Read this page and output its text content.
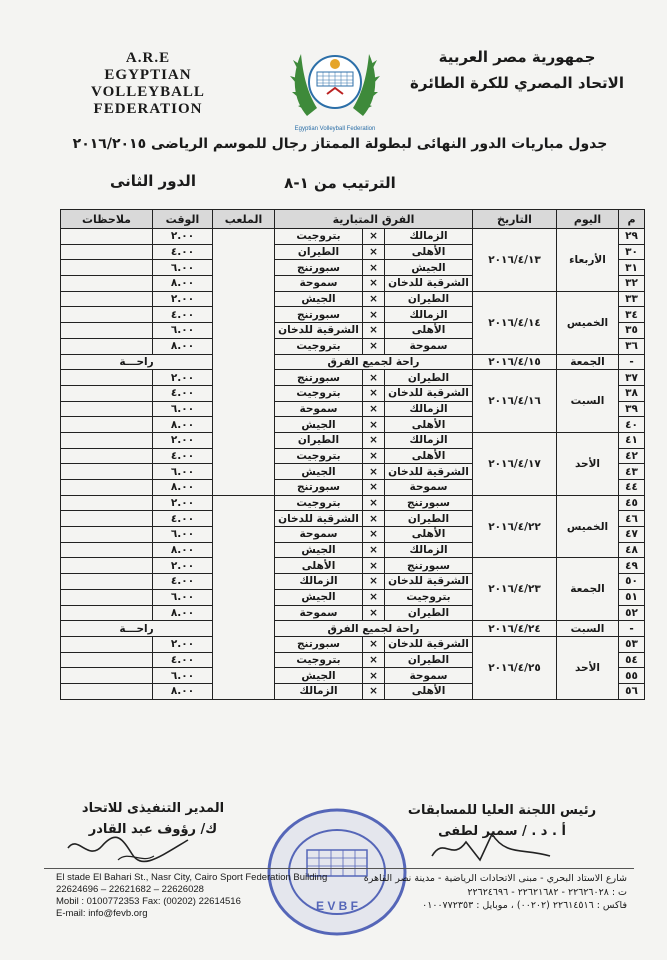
A.R.E
EGYPTIAN VOLLEYBALL
FEDERATION
Egyptian Volleyball Federation
جمهورية مصر العربية
الاتحاد المصري للكرة الطائرة
جدول مباريات الدور النهائى لبطولة الممتاز رجال للموسم الرياضى ٢٠١٦/٢٠١٥
الترتيب من ١-٨
الدور الثانى
م	اليوم	التاريخ	الفرق المتبارية			الملعب	الوقت	ملاحظات
٢٩	الأربعاء	٢٠١٦/٤/١٣	الزمالك	×	بتروجيت		٢.٠٠	
٣٠			الأهلى	×	الطيران		٤.٠٠	
٣١			الجيش	×	سبورتنج		٦.٠٠	
٣٢			الشرقية للدخان	×	سموحة		٨.٠٠	
٣٣	الخميس	٢٠١٦/٤/١٤	الطيران	×	الجيش		٢.٠٠	
٣٤			الزمالك	×	سبورتنج		٤.٠٠	
٣٥			الأهلى	×	الشرقية للدخان		٦.٠٠	
٣٦			سموحة	×	بتروجيت		٨.٠٠	
-	الجمعة	٢٠١٦/٤/١٥	راحة لجميع الفرق				راحـــة	
٣٧	السبت	٢٠١٦/٤/١٦	الطيران	×	سبورتنج		٢.٠٠	
٣٨			الشرقية للدخان	×	بتروجيت		٤.٠٠	
٣٩			الزمالك	×	سموحة		٦.٠٠	
٤٠			الأهلى	×	الجيش		٨.٠٠	
٤١	الأحد	٢٠١٦/٤/١٧	الزمالك	×	الطيران		٢.٠٠	
٤٢			الأهلى	×	بتروجيت		٤.٠٠	
٤٣			الشرقية للدخان	×	الجيش		٦.٠٠	
٤٤			سموحة	×	سبورتنج		٨.٠٠	
٤٥	الخميس	٢٠١٦/٤/٢٢	سبورتنج	×	بتروجيت		٢.٠٠	
٤٦			الطيران	×	الشرقية للدخان		٤.٠٠	
٤٧			الأهلى	×	سموحة		٦.٠٠	
٤٨			الزمالك	×	الجيش		٨.٠٠	
٤٩	الجمعة	٢٠١٦/٤/٢٣	سبورتنج	×	الأهلى		٢.٠٠	
٥٠			الشرقية للدخان	×	الزمالك		٤.٠٠	
٥١			بتروجيت	×	الجيش		٦.٠٠	
٥٢			الطيران	×	سموحة		٨.٠٠	
-	السبت	٢٠١٦/٤/٢٤	راحة لجميع الفرق				راحـــة	
٥٣	الأحد	٢٠١٦/٤/٢٥	الشرقية للدخان	×	سبورتنج		٢.٠٠	
٥٤			الطيران	×	بتروجيت		٤.٠٠	
٥٥			سموحة	×	الجيش		٦.٠٠	
٥٦			الأهلى	×	الزمالك		٨.٠٠	
المدير التنفيذى للاتحاد
ك/ رؤوف عبد القادر
رئيس اللجنة العليا للمسابقات
أ . د . / سمير لطفى
E V B F
El stade El Bahari St., Nasr City, Cairo Sport Federation Building
22624696 – 22621682 – 22626028
Mobil : 0100772353 Fax: (00202) 22614516
E-mail: info@fevb.org
شارع الاستاد البحري - مبنى الاتحادات الرياضية - مدينة نصر القاهرة
ت : ٢٢٦٢٦٠٢٨ - ٢٢٦٢١٦٨٢ - ٢٢٦٢٤٦٩٦
فاكس : ٢٢٦١٤٥١٦ (٠٠٢٠٢) ، موبايل : ٠١٠٠٧٧٢٣٥٣
